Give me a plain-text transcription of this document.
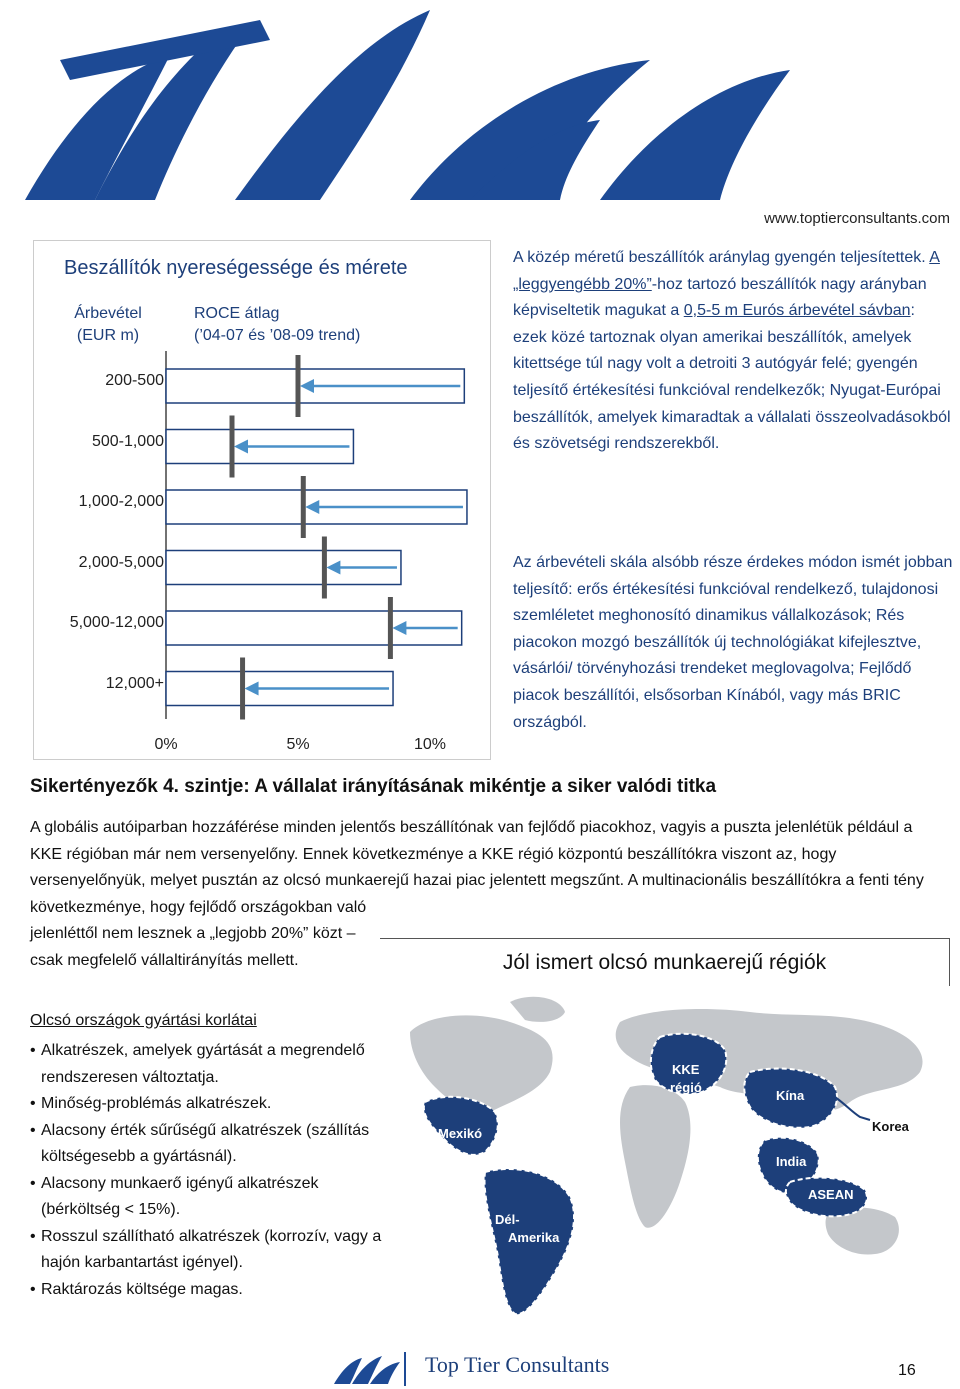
www.toptierconsultants.com
Beszállítók nyereségessége és mérete
Árbevétel
(EUR m)
ROCE átlag
(’04-07 és ’08-09 trend)
200-500
500-1,000
1,000-2,000
2,000-5,000
5,000-12,000
12,000+
0%	5%	10%
A közép méretű beszállítók aránylag gyengén teljesítettek. A „leggyengébb 20%”-hoz tartozó beszállítók nagy arányban képviseltetik magukat a 0,5-5 m Eurós árbevétel sávban: ezek közé tartoznak olyan amerikai beszállítók, amelyek kitettsége túl nagy volt a detroiti 3 autógyár felé; gyengén teljesítő értékesítési funkcióval rendelkezők; Nyugat-Európai beszállítók, amelyek kimaradtak a vállalati összeolvadásokból és szövetségi rendszerekből.
Az árbevételi skála alsóbb része érdekes módon ismét jobban teljesítő: erős értékesítési funkcióval rendelkező, tulajdonosi szemléletet meghonosító dinamikus vállalkozások; Rés piacokon mozgó beszállítók új technológiákat kifejlesztve, vásárlói/ törvényhozási trendeket meglovagolva; Fejlődő piacok beszállítói, elsősorban Kínából, vagy más BRIC országból.
Sikertényezők 4. szintje: A vállalat irányításának mikéntje a siker valódi titka
A globális autóiparban hozzáférése minden jelentős beszállítónak van fejlődő piacokhoz, vagyis a puszta jelenlétük például a KKE régióban már nem versenyelőny. Ennek következménye a KKE régió központú beszállítókra viszont az, hogy versenyelőnyük, melyet pusztán az olcsó munkaerejű hazai piac jelentett megszűnt. A multinacionális beszállítókra a fenti tény következménye, hogy fejlődő országokban való
jelenléttől nem lesznek a „legjobb 20%” közt – csak megfelelő vállaltirányítás mellett.
Olcsó országok gyártási korlátai
• Alkatrészek, amelyek gyártását a megrendelő rendszeresen változtatja.
• Minőség-problémás alkatrészek.
• Alacsony érték sűrűségű alkatrészek (szállítás költségesebb a gyártásnál).
• Alacsony munkaerő igényű alkatrészek (bérköltség < 15%).
• Rosszul szállítható alkatrészek (korrozív, vagy a hajón karbantartást igényel).
• Raktározás költsége magas.
Jól ismert olcsó munkaerejű régiók
Mexikó
Dél-
Amerika
KKE
régió
Kína
India
ASEAN
Korea
Top Tier Consultants	16
